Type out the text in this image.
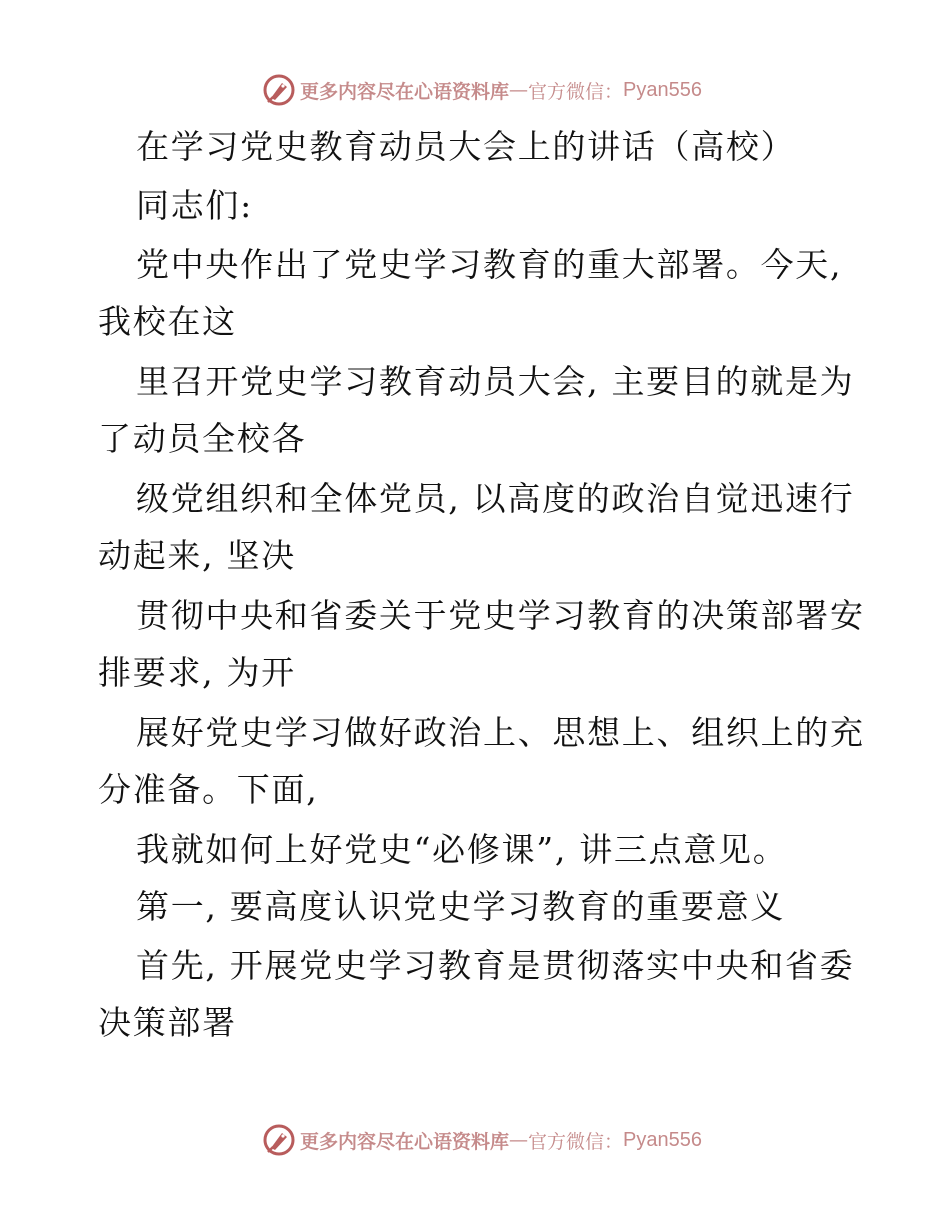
更多内容尽在心语资料库 — 官方微信： Pyan556
在学习党史教育动员大会上的讲话（高校）
同志们:
党中央作出了党史学习教育的重大部署。今天,
我校在这
里召开党史学习教育动员大会, 主要目的就是为
了动员全校各
级党组织和全体党员, 以高度的政治自觉迅速行
动起来, 坚决
贯彻中央和省委关于党史学习教育的决策部署安
排要求, 为开
展好党史学习做好政治上、思想上、组织上的充
分准备。下面,
我就如何上好党史“必修课”, 讲三点意见。
第一, 要高度认识党史学习教育的重要意义
首先, 开展党史学习教育是贯彻落实中央和省委
决策部署
更多内容尽在心语资料库 — 官方微信： Pyan556
